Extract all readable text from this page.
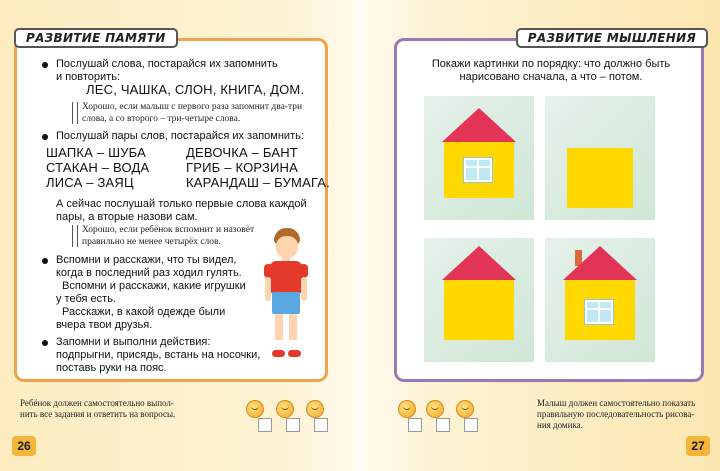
РАЗВИТИЕ ПАМЯТИ
Послушай слова, постарайся их запомнить
и повторить:
ЛЕС, ЧАШКА, СЛОН, КНИГА, ДОМ.
Хорошо, если малыш с первого раза запомнит два-три
слова, а со второго – три-четыре слова.
Послушай пары слов, постарайся их запомнить:
ШАПКА – ШУБА
СТАКАН – ВОДА
ЛИСА – ЗАЯЦ
ДЕВОЧКА – БАНТ
ГРИБ – КОРЗИНА
КАРАНДАШ – БУМАГА.
А сейчас послушай только первые слова каждой
пары, а вторые назови сам.
Хорошо, если ребёнок вспомнит и назовёт
правильно не менее четырёх слов.
Вспомни и расскажи, что ты видел,
когда в последний раз ходил гулять.
Вспомни и расскажи, какие игрушки
у тебя есть.
Расскажи, в какой одежде были
вчера твои друзья.
Запомни и выполни действия:
подпрыгни, присядь, встань на носочки,
поставь руки на пояс.
Ребёнок должен самостоятельно выпол-
нить все задания и ответить на вопросы.
26
РАЗВИТИЕ МЫШЛЕНИЯ
Покажи картинки по порядку: что должно быть
нарисовано сначала, а что – потом.
Малыш должен самостоятельно показать
правильную последовательность рисова-
ния домика.
27
